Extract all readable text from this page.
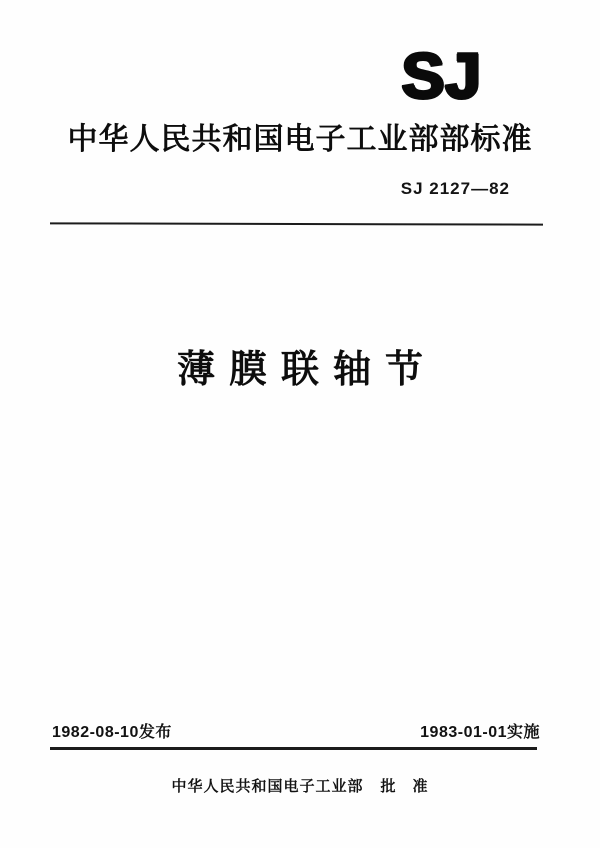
SJ
中华人民共和国电子工业部部标准
SJ 2127—82
薄膜联轴节
1982-08-10发布	1983-01-01实施
中华人民共和国电子工业部 批　准
